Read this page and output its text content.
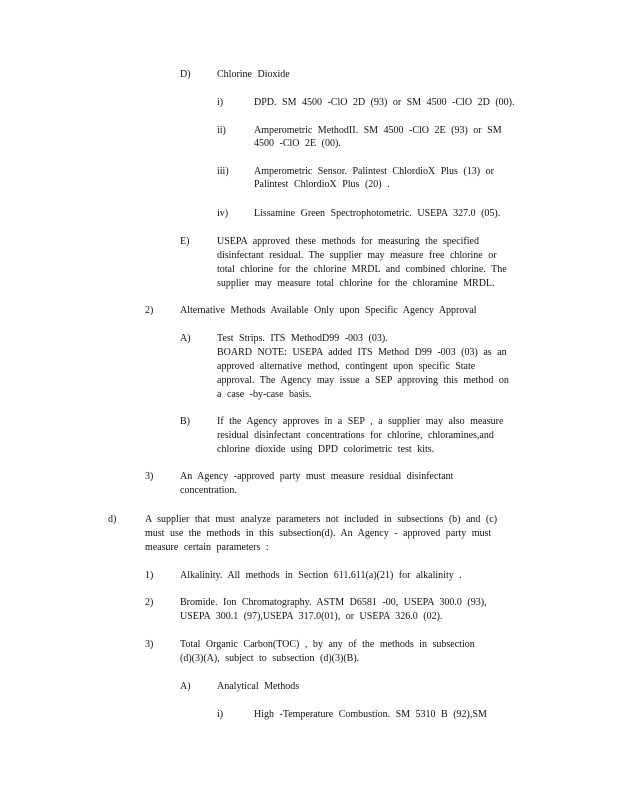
D)	Chlorine Dioxide
i)	DPD. SM 4500 -ClO 2D (93) or SM 4500 -ClO 2D (00).
ii)	Amperometric MethodII. SM 4500 -ClO 2E (93) or SM
4500 -ClO 2E (00).
iii)	Amperometric Sensor. Palintest ChlordioX Plus (13) or
Palintest ChlordioX Plus (20) .
iv)	Lissamine Green Spectrophotometric. USEPA 327.0 (05).
E)	USEPA approved these methods for measuring the specified
disinfectant residual. The supplier may measure free chlorine or
total chlorine for the chlorine MRDL and combined chlorine. The
supplier may measure total chlorine for the chloramine MRDL.
2)	Alternative Methods Available Only upon Specific Agency Approval
A)	Test Strips. ITS MethodD99 -003 (03).
BOARD NOTE: USEPA added ITS Method D99 -003 (03) as an
approved alternative method, contingent upon specific State
approval. The Agency may issue a SEP approving this method on
a case -by-case basis.
B)	If the Agency approves in a SEP , a supplier may also measure
residual disinfectant concentrations for chlorine, chloramines,and
chlorine dioxide using DPD colorimetric test kits.
3)	An Agency -approved party must measure residual disinfectant
concentration.
d)	A supplier that must analyze parameters not included in subsections (b) and (c)
must use the methods in this subsection(d). An Agency - approved party must
measure certain parameters :
1)	Alkalinity. All methods in Section 611.611(a)(21) for alkalinity .
2)	Bromide. Ion Chromatography. ASTM D6581 -00, USEPA 300.0 (93),
USEPA 300.1 (97),USEPA 317.0(01), or USEPA 326.0 (02).
3)	Total Organic Carbon(TOC) , by any of the methods in subsection
(d)(3)(A), subject to subsection (d)(3)(B).
A)	Analytical Methods
i)	High -Temperature Combustion. SM 5310 B (92),SM
